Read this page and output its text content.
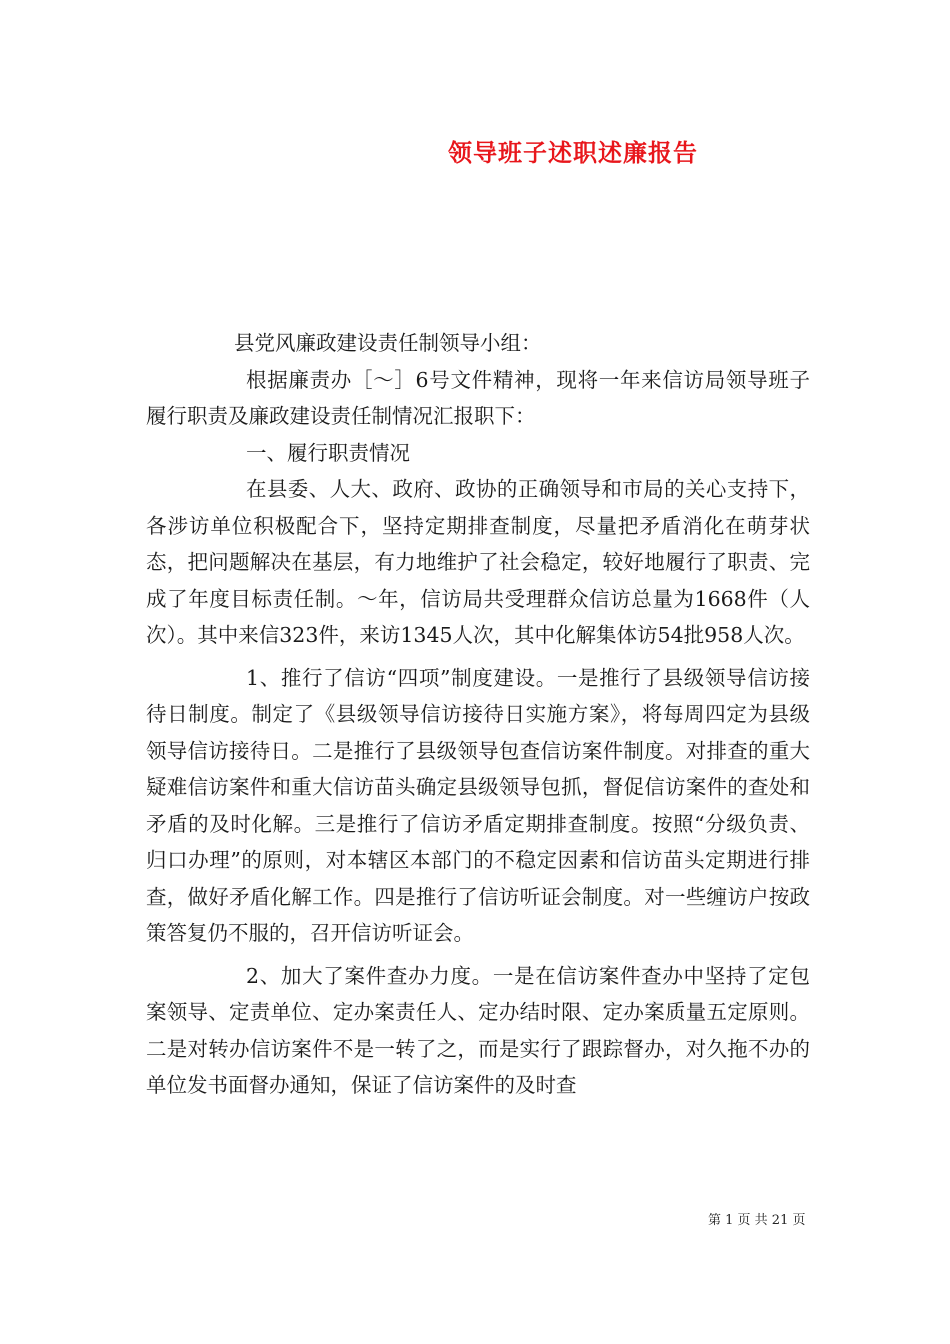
领导班子述职述廉报告

县党风廉政建设责任制领导小组：

根据廉责办［～］6号文件精神，现将一年来信访局领导班子履行职责及廉政建设责任制情况汇报职下：

一、履行职责情况

在县委、人大、政府、政协的正确领导和市局的关心支持下，各涉访单位积极配合下，坚持定期排查制度，尽量把矛盾消化在萌芽状态，把问题解决在基层，有力地维护了社会稳定，较好地履行了职责、完成了年度目标责任制。～年，信访局共受理群众信访总量为1668件（人次）。其中来信323件，来访1345人次，其中化解集体访54批958人次。

1、推行了信访“四项”制度建设。一是推行了县级领导信访接待日制度。制定了《县级领导信访接待日实施方案》，将每周四定为县级领导信访接待日。二是推行了县级领导包查信访案件制度。对排查的重大疑难信访案件和重大信访苗头确定县级领导包抓，督促信访案件的查处和矛盾的及时化解。三是推行了信访矛盾定期排查制度。按照“分级负责、归口办理”的原则，对本辖区本部门的不稳定因素和信访苗头定期进行排查，做好矛盾化解工作。四是推行了信访听证会制度。对一些缠访户按政策答复仍不服的，召开信访听证会。

2、加大了案件查办力度。一是在信访案件查办中坚持了定包案领导、定责单位、定办案责任人、定办结时限、定办案质量五定原则。二是对转办信访案件不是一转了之，而是实行了跟踪督办，对久拖不办的单位发书面督办通知，保证了信访案件的及时查

第 1 页 共 21 页
